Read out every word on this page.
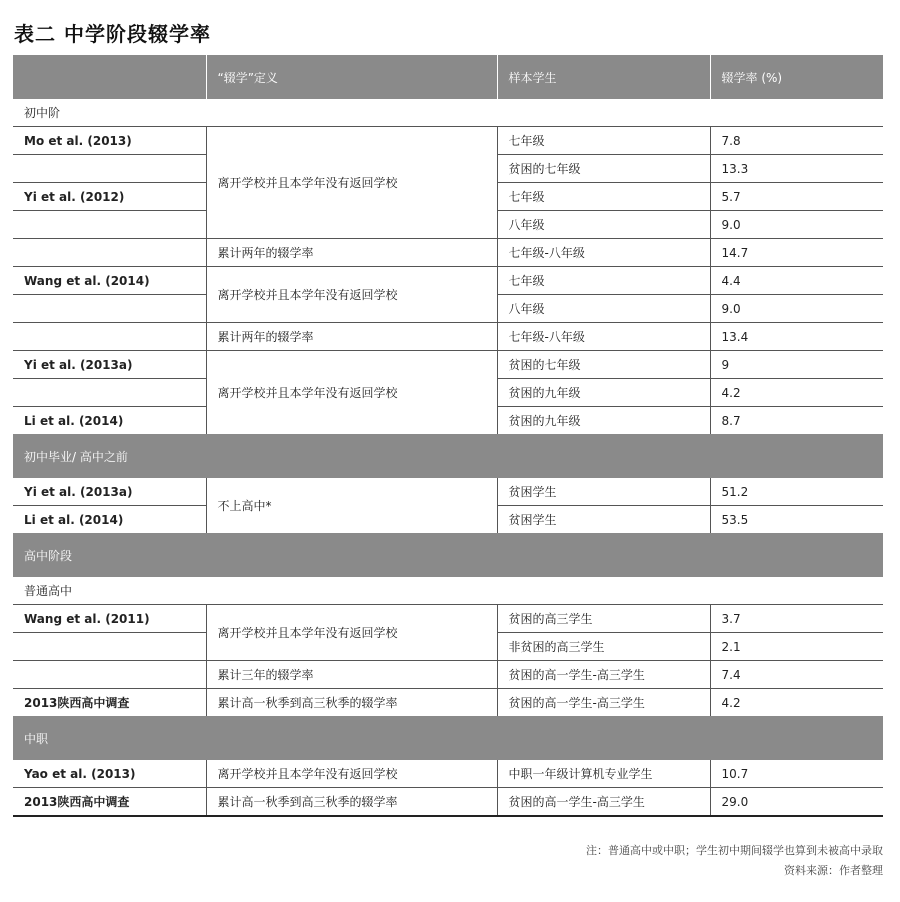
表二 中学阶段辍学率
	“辍学”定义	样本学生	辍学率 (%)
初中阶			
Mo et al. (2013)	离开学校并且本学年没有返回学校	七年级	7.8
		贫困的七年级	13.3
Yi et al. (2012)		七年级	5.7
		八年级	9.0
	累计两年的辍学率	七年级-八年级	14.7
Wang et al. (2014)	离开学校并且本学年没有返回学校	七年级	4.4
		八年级	9.0
	累计两年的辍学率	七年级-八年级	13.4
Yi et al. (2013a)	离开学校并且本学年没有返回学校	贫困的七年级	9
		贫困的九年级	4.2
Li et al. (2014)		贫困的九年级	8.7
初中毕业/ 高中之前			
Yi et al. (2013a)	不上高中*	贫困学生	51.2
Li et al. (2014)		贫困学生	53.5
高中阶段			
普通高中			
Wang et al. (2011)	离开学校并且本学年没有返回学校	贫困的高三学生	3.7
		非贫困的高三学生	2.1
	累计三年的辍学率	贫困的高一学生-高三学生	7.4
2013陕西高中调查	累计高一秋季到高三秋季的辍学率	贫困的高一学生-高三学生	4.2
中职			
Yao et al. (2013)	离开学校并且本学年没有返回学校	中职一年级计算机专业学生	10.7
2013陕西高中调查	累计高一秋季到高三秋季的辍学率	贫困的高一学生-高三学生	29.0
注：普通高中或中职；学生初中期间辍学也算到未被高中录取
资料来源：作者整理
